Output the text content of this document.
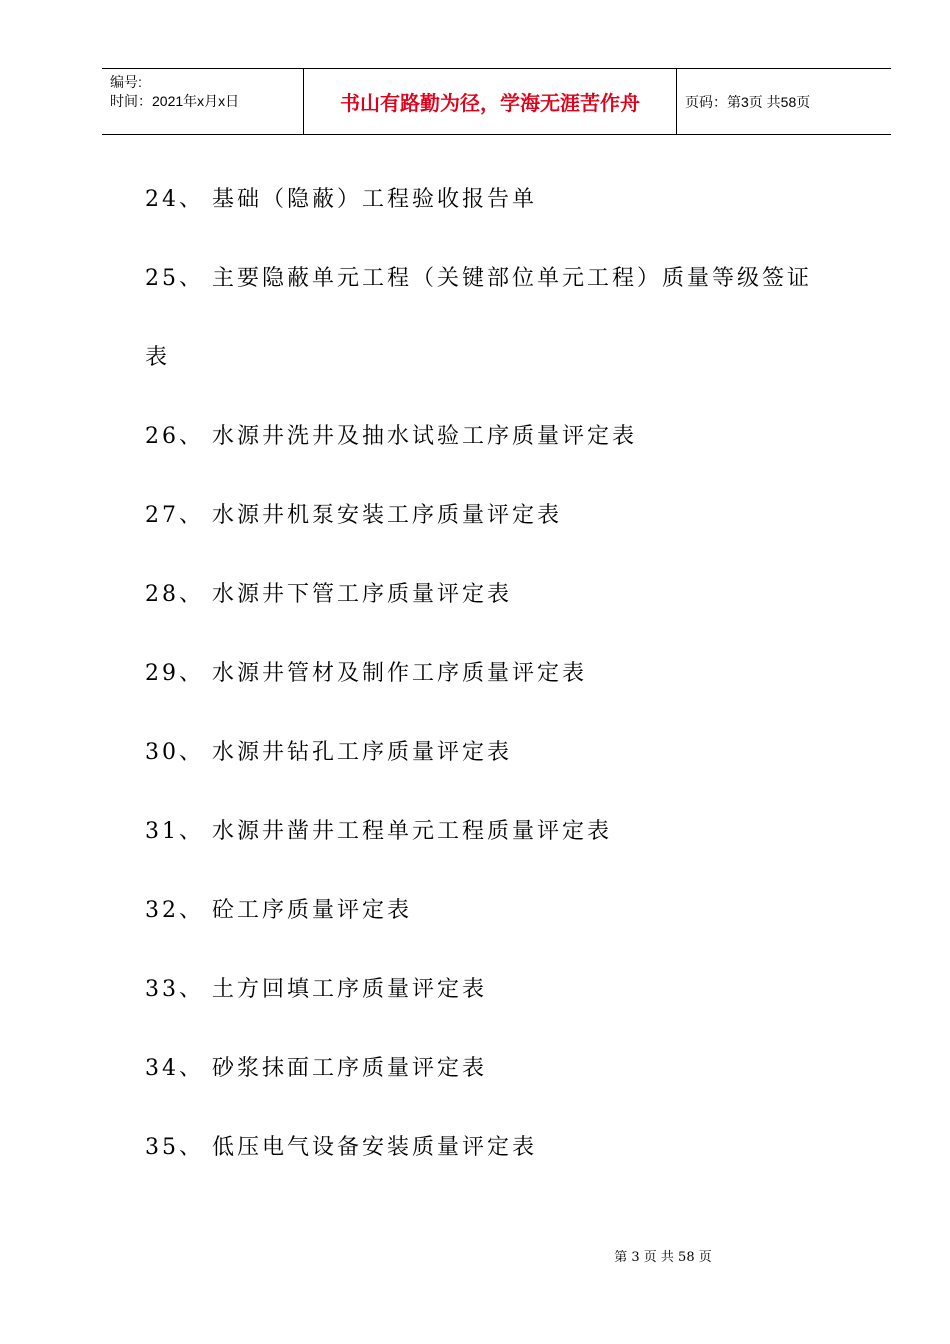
编号:
时间：2021年x月x日	书山有路勤为径，学海无涯苦作舟	页码：第3页 共58页
24、 基础（隐蔽）工程验收报告单
25、 主要隐蔽单元工程（关键部位单元工程）质量等级签证
表
26、 水源井洗井及抽水试验工序质量评定表
27、 水源井机泵安装工序质量评定表
28、 水源井下管工序质量评定表
29、 水源井管材及制作工序质量评定表
30、 水源井钻孔工序质量评定表
31、 水源井凿井工程单元工程质量评定表
32、 砼工序质量评定表
33、 土方回填工序质量评定表
34、 砂浆抹面工序质量评定表
35、 低压电气设备安装质量评定表
第 3 页 共 58 页
